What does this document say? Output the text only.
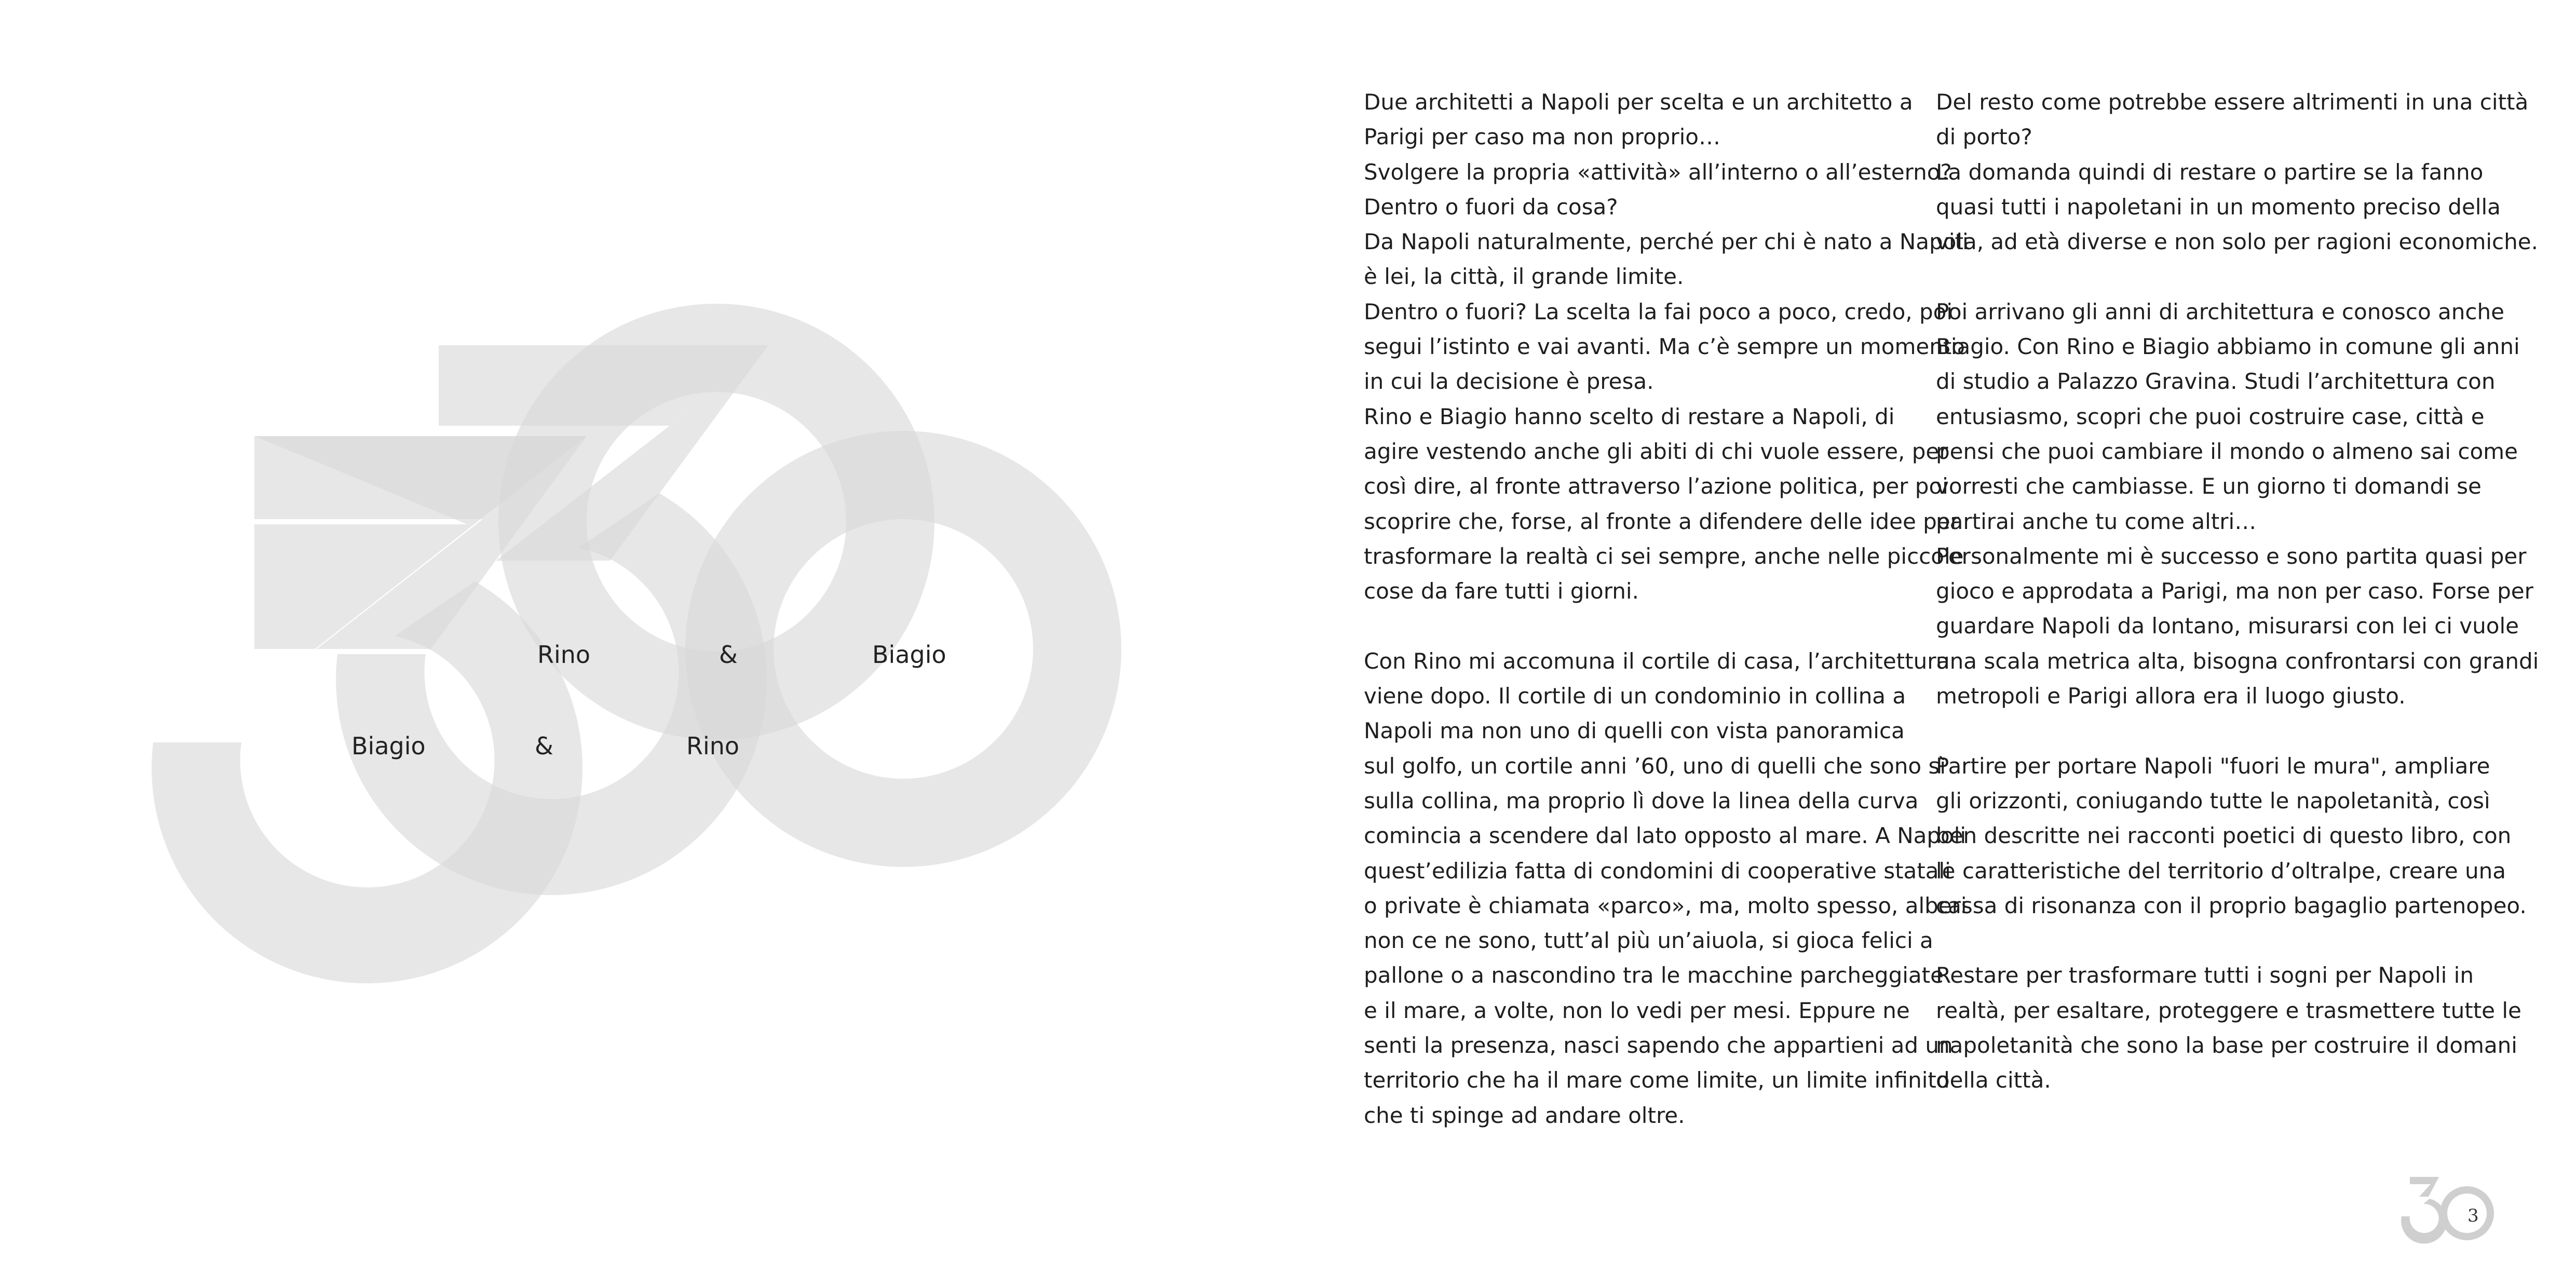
Rino	&	Biagio
Biagio	&	Rino
Due architetti a Napoli per scelta e un architetto a
Parigi per caso ma non proprio…
Svolgere la propria «attività» all’interno o all’esterno?
Dentro o fuori da cosa?
Da Napoli naturalmente, perché per chi è nato a Napoli
è lei, la città, il grande limite.
Dentro o fuori? La scelta la fai poco a poco, credo, poi
segui l’istinto e vai avanti. Ma c’è sempre un momento
in cui la decisione è presa.
Rino e Biagio hanno scelto di restare a Napoli, di
agire vestendo anche gli abiti di chi vuole essere, per
così dire, al fronte attraverso l’azione politica, per poi
scoprire che, forse, al fronte a difendere delle idee per
trasformare la realtà ci sei sempre, anche nelle piccole
cose da fare tutti i giorni.
Con Rino mi accomuna il cortile di casa, l’architettura
viene dopo. Il cortile di un condominio in collina a
Napoli ma non uno di quelli con vista panoramica
sul golfo, un cortile anni ’60, uno di quelli che sono sì
sulla collina, ma proprio lì dove la linea della curva
comincia a scendere dal lato opposto al mare. A Napoli
quest’edilizia fatta di condomini di cooperative statali
o private è chiamata «parco», ma, molto spesso, alberi
non ce ne sono, tutt’al più un’aiuola, si gioca felici a
pallone o a nascondino tra le macchine parcheggiate
e il mare, a volte, non lo vedi per mesi. Eppure ne
senti la presenza, nasci sapendo che appartieni ad un
territorio che ha il mare come limite, un limite infinito
che ti spinge ad andare oltre.
Del resto come potrebbe essere altrimenti in una città
di porto?
La domanda quindi di restare o partire se la fanno
quasi tutti i napoletani in un momento preciso della
vita, ad età diverse e non solo per ragioni economiche.
Poi arrivano gli anni di architettura e conosco anche
Biagio. Con Rino e Biagio abbiamo in comune gli anni
di studio a Palazzo Gravina. Studi l’architettura con
entusiasmo, scopri che puoi costruire case, città e
pensi che puoi cambiare il mondo o almeno sai come
vorresti che cambiasse. E un giorno ti domandi se
partirai anche tu come altri…
Personalmente mi è successo e sono partita quasi per
gioco e approdata a Parigi, ma non per caso. Forse per
guardare Napoli da lontano, misurarsi con lei ci vuole
una scala metrica alta, bisogna confrontarsi con grandi
metropoli e Parigi allora era il luogo giusto.
Partire per portare Napoli "fuori le mura", ampliare
gli orizzonti, coniugando tutte le napoletanità, così
ben descritte nei racconti poetici di questo libro, con
le caratteristiche del territorio d’oltralpe, creare una
cassa di risonanza con il proprio bagaglio partenopeo.
Restare per trasformare tutti i sogni per Napoli in
realtà, per esaltare, proteggere e trasmettere tutte le
napoletanità che sono la base per costruire il domani
della città.
3
